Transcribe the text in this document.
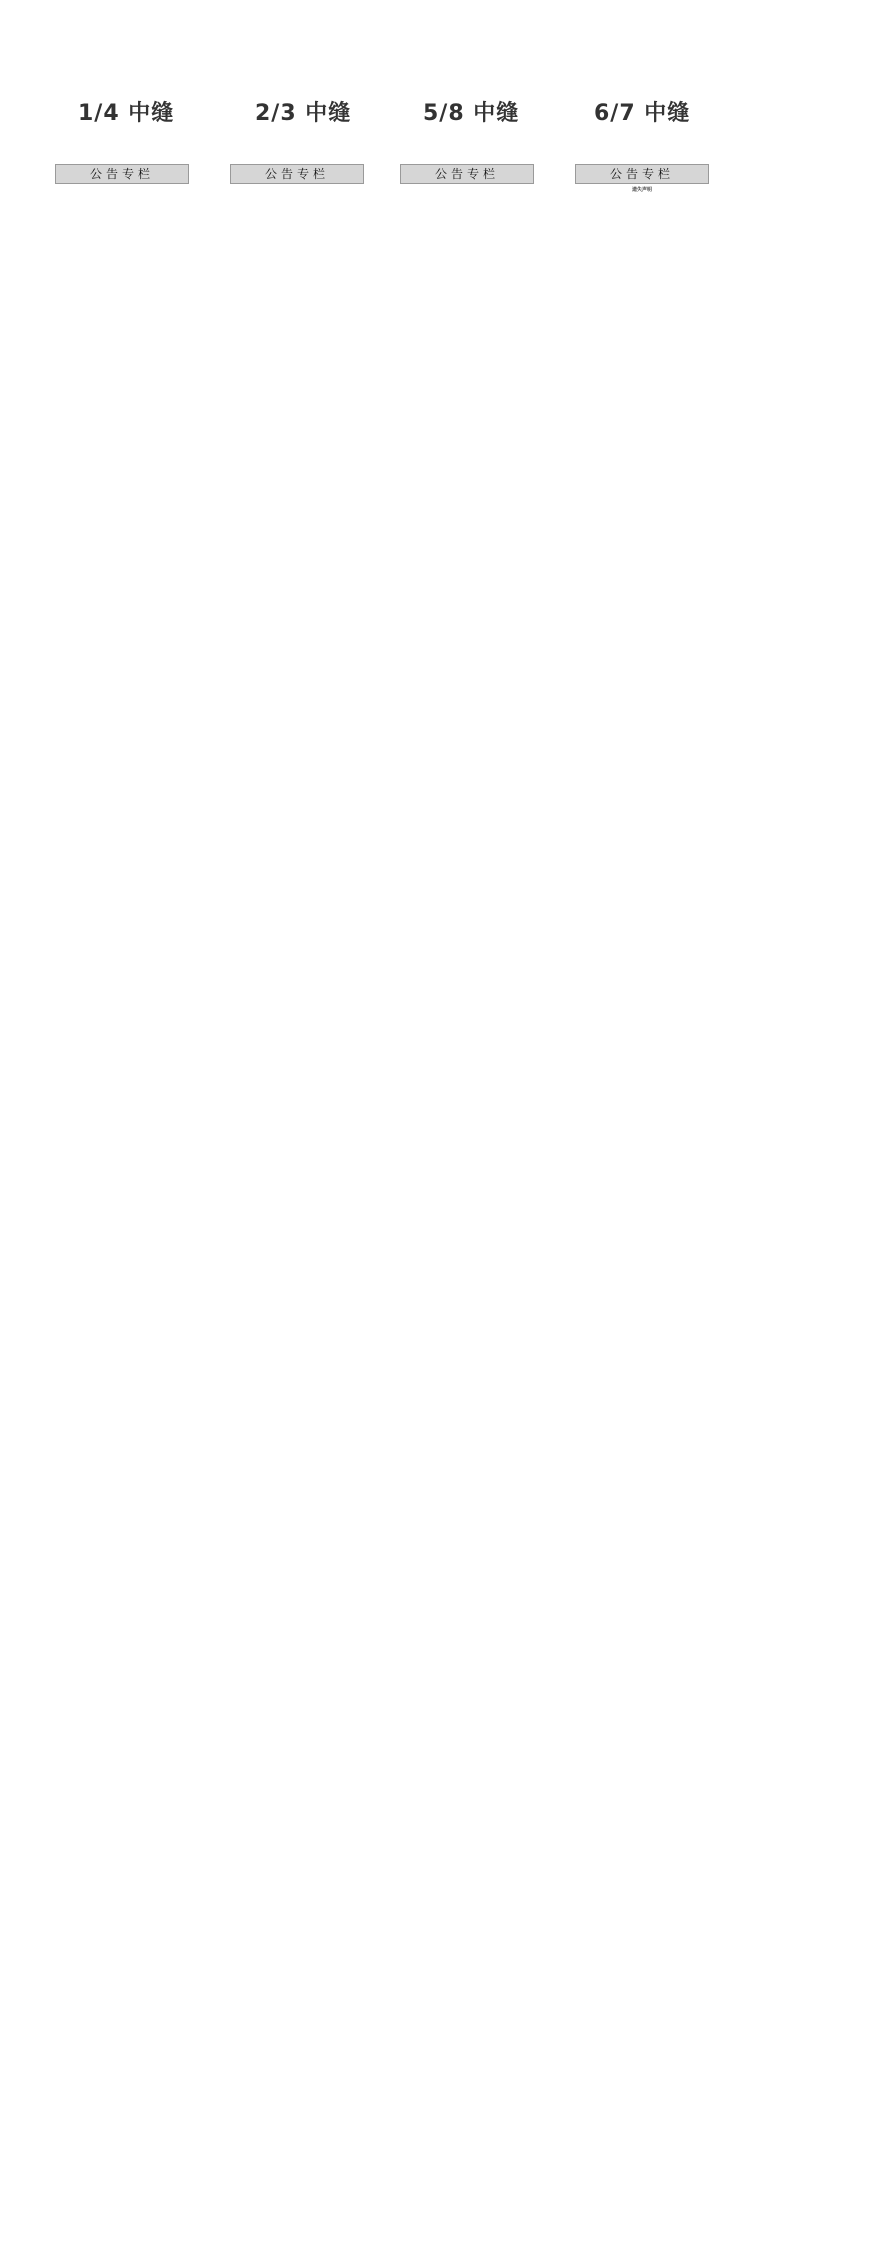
1/4 中缝	2/3 中缝	5/8 中缝	6/7 中缝
公告专栏	公告专栏	公告专栏	公告专栏
遗失声明
